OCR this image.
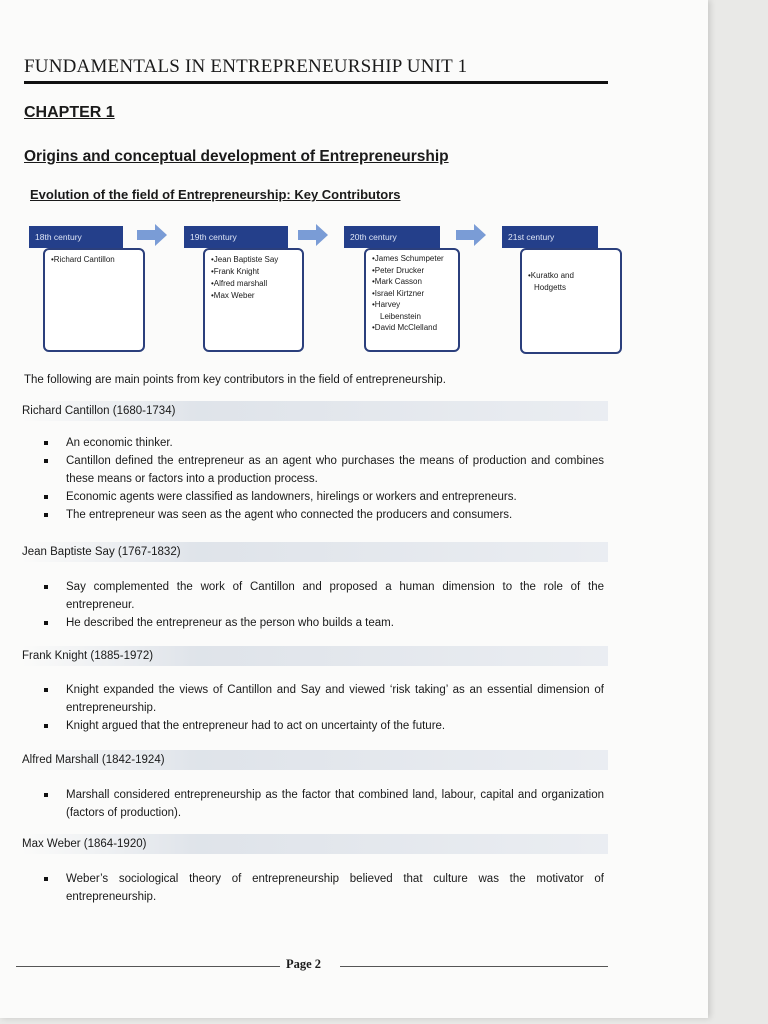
FUNDAMENTALS IN ENTREPRENEURSHIP UNIT 1
CHAPTER 1
Origins and conceptual development of Entrepreneurship
Evolution of the field of Entrepreneurship: Key Contributors
18th century
•Richard Cantillon
19th century
•Jean Baptiste Say
•Frank Knight
•Alfred marshall
•Max Weber
20th century
•James Schumpeter
•Peter Drucker
•Mark Casson
•Israel Kirtzner
•Harvey
Leibenstein
•David McClelland
21st century
•Kuratko and
Hodgetts
The following are main points from key contributors in the field of entrepreneurship.
Richard Cantillon (1680-1734)
An economic thinker.
Cantillon defined the entrepreneur as an agent who purchases the means of production and combines these means or factors into a production process.
Economic agents were classified as landowners, hirelings or workers and entrepreneurs.
The entrepreneur was seen as the agent who connected the producers and consumers.
Jean Baptiste Say (1767-1832)
Say complemented the work of Cantillon and proposed a human dimension to the role of the entrepreneur.
He described the entrepreneur as the person who builds a team.
Frank Knight (1885-1972)
Knight expanded the views of Cantillon and Say and viewed ‘risk taking’ as an essential dimension of entrepreneurship.
Knight argued that the entrepreneur had to act on uncertainty of the future.
Alfred Marshall (1842-1924)
Marshall considered entrepreneurship as the factor that combined land, labour, capital and organization (factors of production).
Max Weber (1864-1920)
Weber’s sociological theory of entrepreneurship believed that culture was the motivator of entrepreneurship.
Page 2
